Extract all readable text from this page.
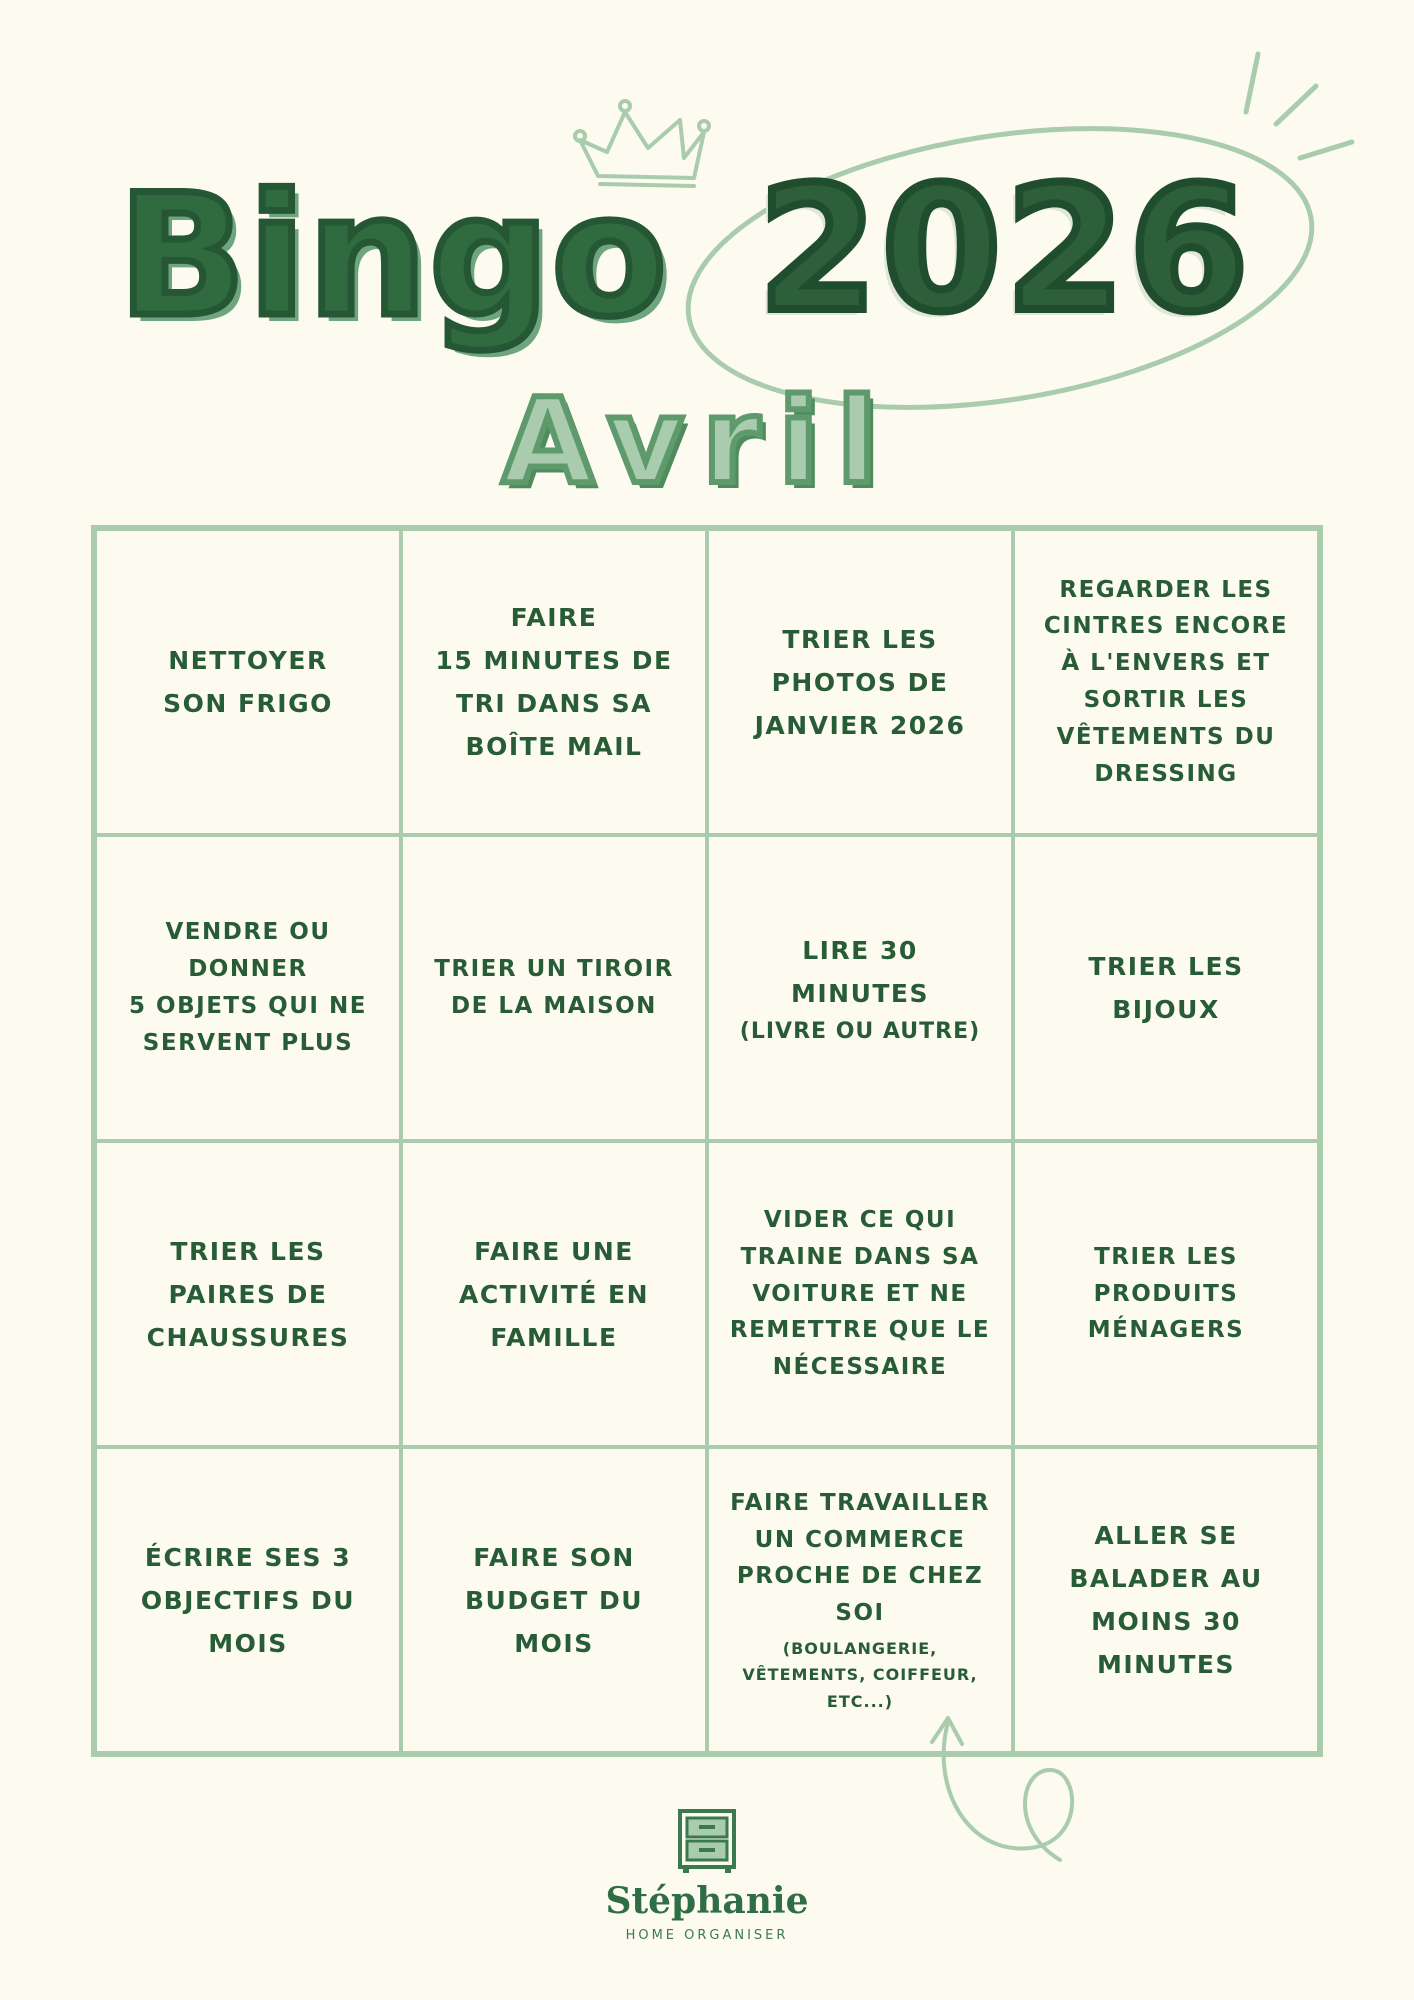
Bingo 2026
Avril
NETTOYER
SON FRIGO
FAIRE
15 MINUTES DE
TRI DANS SA
BOÎTE MAIL
TRIER LES
PHOTOS DE
JANVIER 2026
REGARDER LES
CINTRES ENCORE
À L'ENVERS ET
SORTIR LES
VÊTEMENTS DU
DRESSING
VENDRE OU
DONNER
5 OBJETS QUI NE
SERVENT PLUS
TRIER UN TIROIR
DE LA MAISON
LIRE 30
MINUTES
(LIVRE OU AUTRE)
TRIER LES
BIJOUX
TRIER LES
PAIRES DE
CHAUSSURES
FAIRE UNE
ACTIVITÉ EN
FAMILLE
VIDER CE QUI
TRAINE DANS SA
VOITURE ET NE
REMETTRE QUE LE
NÉCESSAIRE
TRIER LES
PRODUITS
MÉNAGERS
ÉCRIRE SES 3
OBJECTIFS DU
MOIS
FAIRE SON
BUDGET DU
MOIS
FAIRE TRAVAILLER
UN COMMERCE
PROCHE DE CHEZ
SOI
(BOULANGERIE,
VÊTEMENTS, COIFFEUR,
ETC...)
ALLER SE
BALADER AU
MOINS 30
MINUTES
Stéphanie
HOME ORGANISER
